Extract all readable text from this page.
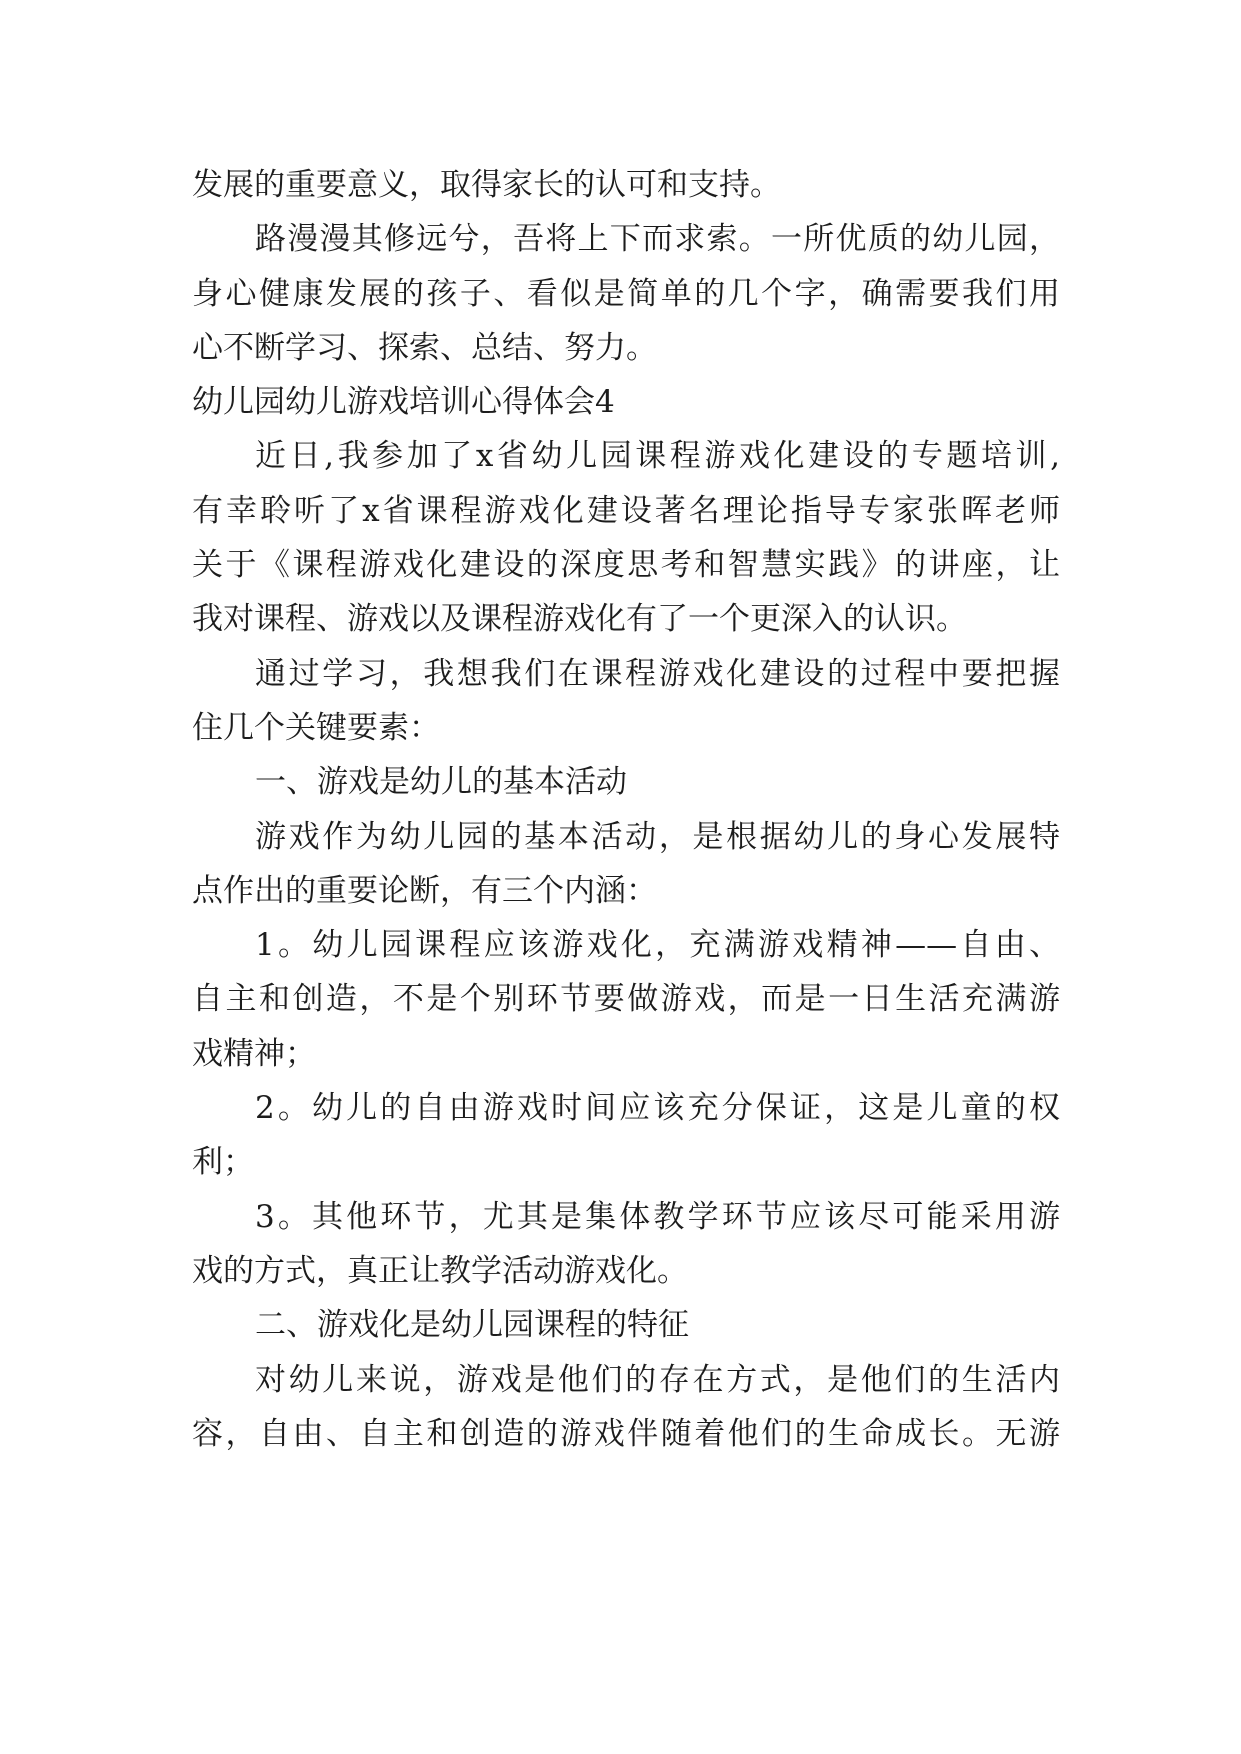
发展的重要意义，取得家长的认可和支持。
路漫漫其修远兮，吾将上下而求索。一所优质的幼儿园，
身心健康发展的孩子、看似是简单的几个字，确需要我们用
心不断学习、探索、总结、努力。
幼儿园幼儿游戏培训心得体会4
近日,我参加了x省幼儿园课程游戏化建设的专题培训,
有幸聆听了x省课程游戏化建设著名理论指导专家张晖老师
关于《课程游戏化建设的深度思考和智慧实践》的讲座，让
我对课程、游戏以及课程游戏化有了一个更深入的认识。
通过学习，我想我们在课程游戏化建设的过程中要把握
住几个关键要素：
一、游戏是幼儿的基本活动
游戏作为幼儿园的基本活动，是根据幼儿的身心发展特
点作出的重要论断，有三个内涵：
1。幼儿园课程应该游戏化，充满游戏精神——自由、
自主和创造，不是个别环节要做游戏，而是一日生活充满游
戏精神；
2。幼儿的自由游戏时间应该充分保证，这是儿童的权
利；
3。其他环节，尤其是集体教学环节应该尽可能采用游
戏的方式，真正让教学活动游戏化。
二、游戏化是幼儿园课程的特征
对幼儿来说，游戏是他们的存在方式，是他们的生活内
容，自由、自主和创造的游戏伴随着他们的生命成长。无游
